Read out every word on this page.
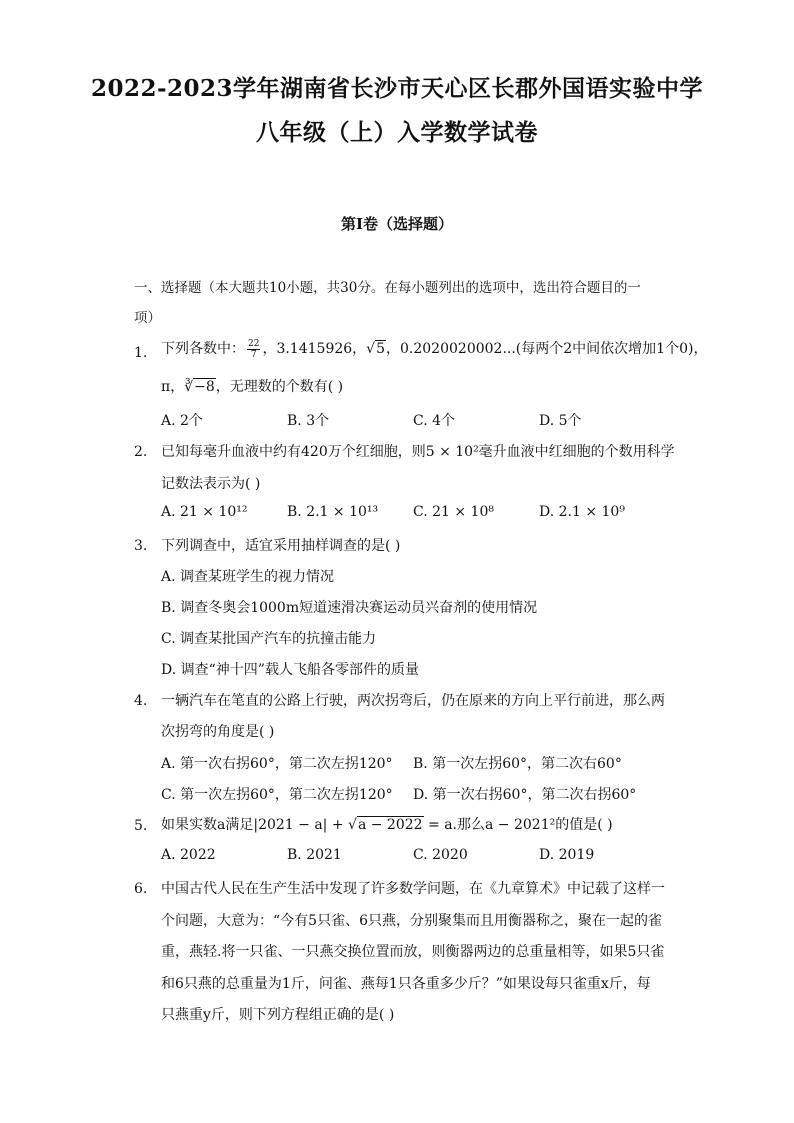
2022-2023学年湖南省长沙市天心区长郡外国语实验中学
八年级（上）入学数学试卷
第I卷（选择题）
一、选择题（本大题共10小题，共30分。在每小题列出的选项中，选出符合题目的一
项）
1. 下列各数中： $\frac{22}{7}$ ，3.1415926，√5，0.2020020002...(每两个2中间依次增加1个0)，
π，∛−8，无理数的个数有( )
A. 2个	B. 3个	C. 4个	D. 5个
2. 已知每毫升血液中约有420万个红细胞，则5 × 10²毫升血液中红细胞的个数用科学
记数法表示为( )
A. 21 × 10¹²	B. 2.1 × 10¹³ C. 21 × 10⁸	D. 2.1 × 10⁹
3. 下列调查中，适宜采用抽样调查的是( )
A. 调查某班学生的视力情况
B. 调查冬奥会1000m短道速滑决赛运动员兴奋剂的使用情况
C. 调查某批国产汽车的抗撞击能力
D. 调查“神十四”载人飞船各零部件的质量
4. 一辆汽车在笔直的公路上行驶，两次拐弯后，仍在原来的方向上平行前进，那么两
次拐弯的角度是( )
A. 第一次右拐60°，第二次左拐120° B. 第一次左拐60°，第二次右60°
C. 第一次左拐60°，第二次左拐120° D. 第一次右拐60°，第二次右拐60°
5. 如果实数a满足|2021 − a| + √a − 2022 = a.那么a − 2021²的值是( )
A. 2022	B. 2021	C. 2020	D. 2019
6. 中国古代人民在生产生活中发现了许多数学问题，在《九章算术》中记载了这样一
个问题，大意为：“今有5只雀、6只燕，分别聚集而且用衡器称之，聚在一起的雀
重，燕轻.将一只雀、一只燕交换位置而放，则衡器两边的总重量相等，如果5只雀
和6只燕的总重量为1斤，问雀、燕每1只各重多少斤？”如果设每只雀重x斤，每
只燕重y斤，则下列方程组正确的是( )
